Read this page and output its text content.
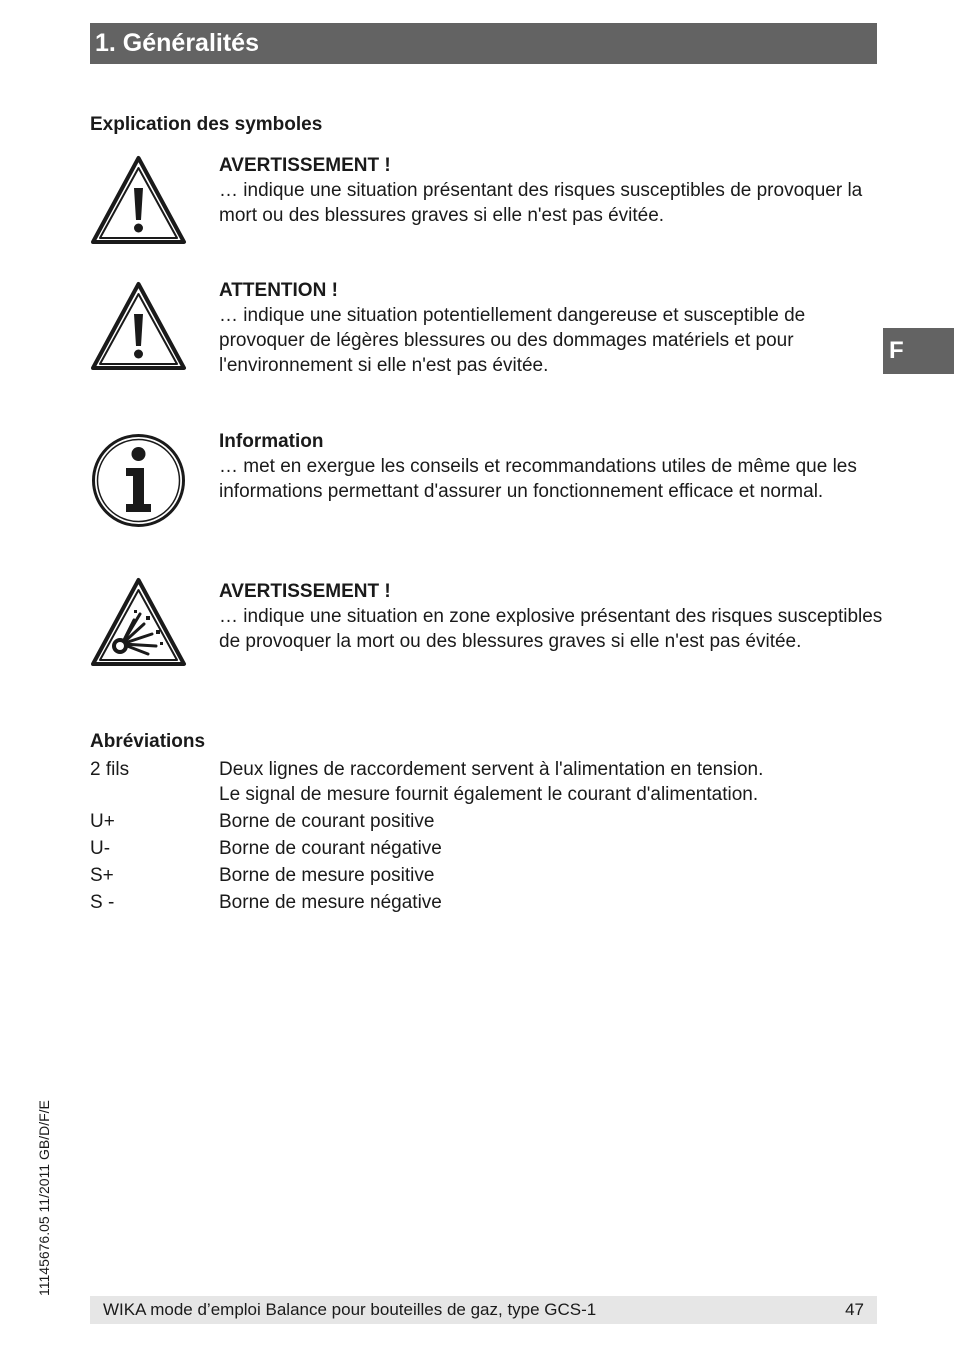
1. Généralités
F
Explication des symboles
AVERTISSEMENT !
… indique une situation présentant des risques susceptibles de provoquer la mort ou des blessures graves si elle n'est pas évitée.
ATTENTION !
… indique une situation potentiellement dangereuse et susceptible de provoquer de légères blessures ou des dommages matériels et pour l'environnement si elle n'est pas évitée.
Information
… met en exergue les conseils et recommandations utiles de même que les informations permettant d'assurer un fonctionnement efficace et normal.
AVERTISSEMENT !
… indique une situation en zone explosive présentant des risques susceptibles de provoquer la mort ou des blessures graves si elle n'est pas évitée.
Abréviations
2 fils	Deux lignes de raccordement servent à l'alimentation en tension.
Le signal de mesure fournit également le courant d'alimentation.
U+	Borne de courant positive
U-	Borne de courant négative
S+	Borne de mesure positive
S -	Borne de mesure négative
11145676.05 11/2011 GB/D/F/E
WIKA mode d’emploi Balance pour bouteilles de gaz, type GCS-1	47
